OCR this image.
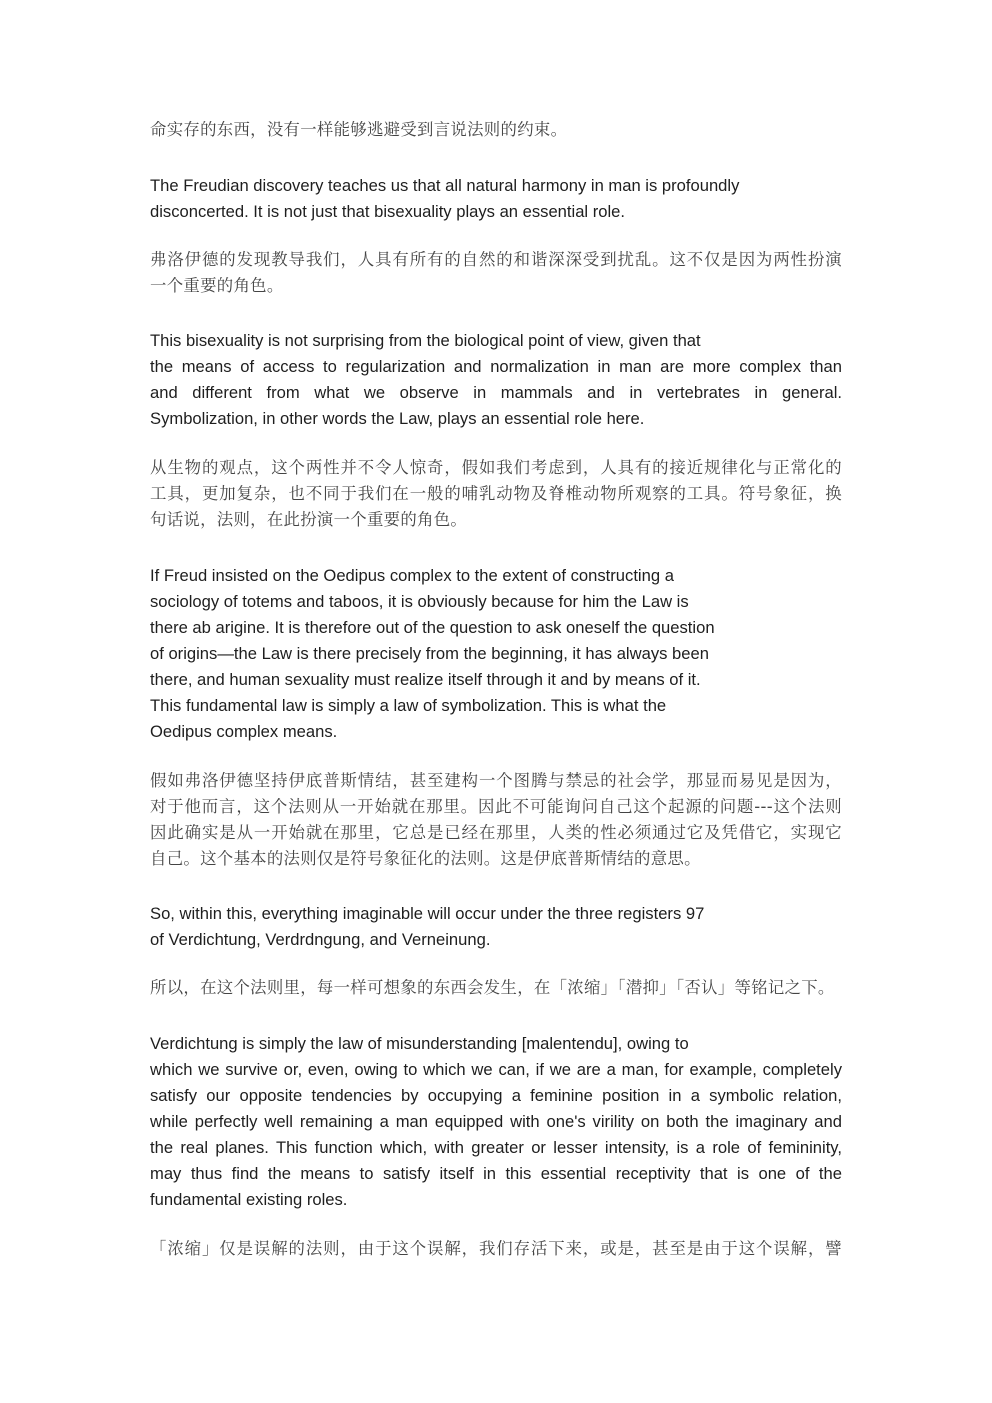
命实存的东西，没有一样能够逃避受到言说法则的约束。
The Freudian discovery teaches us that all natural harmony in man is profoundly
disconcerted. It is not just that bisexuality plays an essential role.
弗洛伊德的发现教导我们，人具有所有的自然的和谐深深受到扰乱。这不仅是因为两性扮演
一个重要的角色。
This bisexuality is not surprising from the biological point of view, given that
the means of access to regularization and normalization in man are more complex than
and different from what we observe in mammals and in vertebrates in general.
Symbolization, in other words the Law, plays an essential role here.
从生物的观点，这个两性并不令人惊奇，假如我们考虑到，人具有的接近规律化与正常化的
工具，更加复杂，也不同于我们在一般的哺乳动物及脊椎动物所观察的工具。符号象征，换
句话说，法则，在此扮演一个重要的角色。
If Freud insisted on the Oedipus complex to the extent of constructing a
sociology of totems and taboos, it is obviously because for him the Law is
there ab arigine. It is therefore out of the question to ask oneself the question
of origins—the Law is there precisely from the beginning, it has always been
there, and human sexuality must realize itself through it and by means of it.
This fundamental law is simply a law of symbolization. This is what the
Oedipus complex means.
假如弗洛伊德坚持伊底普斯情结，甚至建构一个图腾与禁忌的社会学，那显而易见是因为，
对于他而言，这个法则从一开始就在那里。因此不可能询问自己这个起源的问题---这个法则
因此确实是从一开始就在那里，它总是已经在那里，人类的性必须通过它及凭借它，实现它
自己。这个基本的法则仅是符号象征化的法则。这是伊底普斯情结的意思。
So, within this, everything imaginable will occur under the three registers 97
of Verdichtung, Verdrdngung, and Verneinung.
所以，在这个法则里，每一样可想象的东西会发生，在「浓缩」「潜抑」「否认」等铭记之下。
Verdichtung is simply the law of misunderstanding [malentendu], owing to
which we survive or, even, owing to which we can, if we are a man, for example, completely
satisfy our opposite tendencies by occupying a feminine position in a symbolic relation,
while perfectly well remaining a man equipped with one's virility on both the imaginary and
the real planes. This function which, with greater or lesser intensity, is a role of femininity,
may thus find the means to satisfy itself in this essential receptivity that is one of the
fundamental existing roles.
「浓缩」仅是误解的法则，由于这个误解，我们存活下来，或是，甚至是由于这个误解，譬
